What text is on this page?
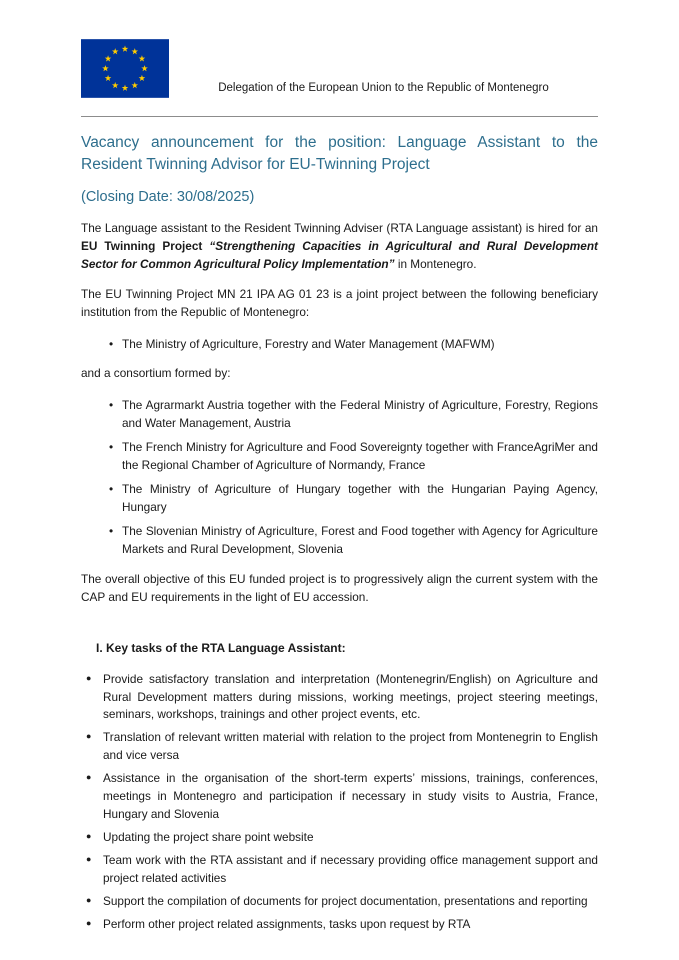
Delegation of the European Union to the Republic of Montenegro
Vacancy announcement for the position: Language Assistant to the Resident Twinning Advisor for EU-Twinning Project
(Closing Date: 30/08/2025)

The Language assistant to the Resident Twinning Adviser (RTA Language assistant) is hired for an EU Twinning Project “Strengthening Capacities in Agricultural and Rural Development Sector for Common Agricultural Policy Implementation” in Montenegro.

The EU Twinning Project MN 21 IPA AG 01 23 is a joint project between the following beneficiary institution from the Republic of Montenegro:

• The Ministry of Agriculture, Forestry and Water Management (MAFWM)

and a consortium formed by:

• The Agrarmarkt Austria together with the Federal Ministry of Agriculture, Forestry, Regions and Water Management, Austria
• The French Ministry for Agriculture and Food Sovereignty together with FranceAgriMer and the Regional Chamber of Agriculture of Normandy, France
• The Ministry of Agriculture of Hungary together with the Hungarian Paying Agency, Hungary
• The Slovenian Ministry of Agriculture, Forest and Food together with Agency for Agriculture Markets and Rural Development, Slovenia

The overall objective of this EU funded project is to progressively align the current system with the CAP and EU requirements in the light of EU accession.

I. Key tasks of the RTA Language Assistant:
● Provide satisfactory translation and interpretation (Montenegrin/English) on Agriculture and Rural Development matters during missions, working meetings, project steering meetings, seminars, workshops, trainings and other project events, etc.
● Translation of relevant written material with relation to the project from Montenegrin to English and vice versa
● Assistance in the organisation of the short-term experts’ missions, trainings, conferences, meetings in Montenegro and participation if necessary in study visits to Austria, France, Hungary and Slovenia
● Updating the project share point website
● Team work with the RTA assistant and if necessary providing office management support and project related activities
● Support the compilation of documents for project documentation, presentations and reporting
● Perform other project related assignments, tasks upon request by RTA
